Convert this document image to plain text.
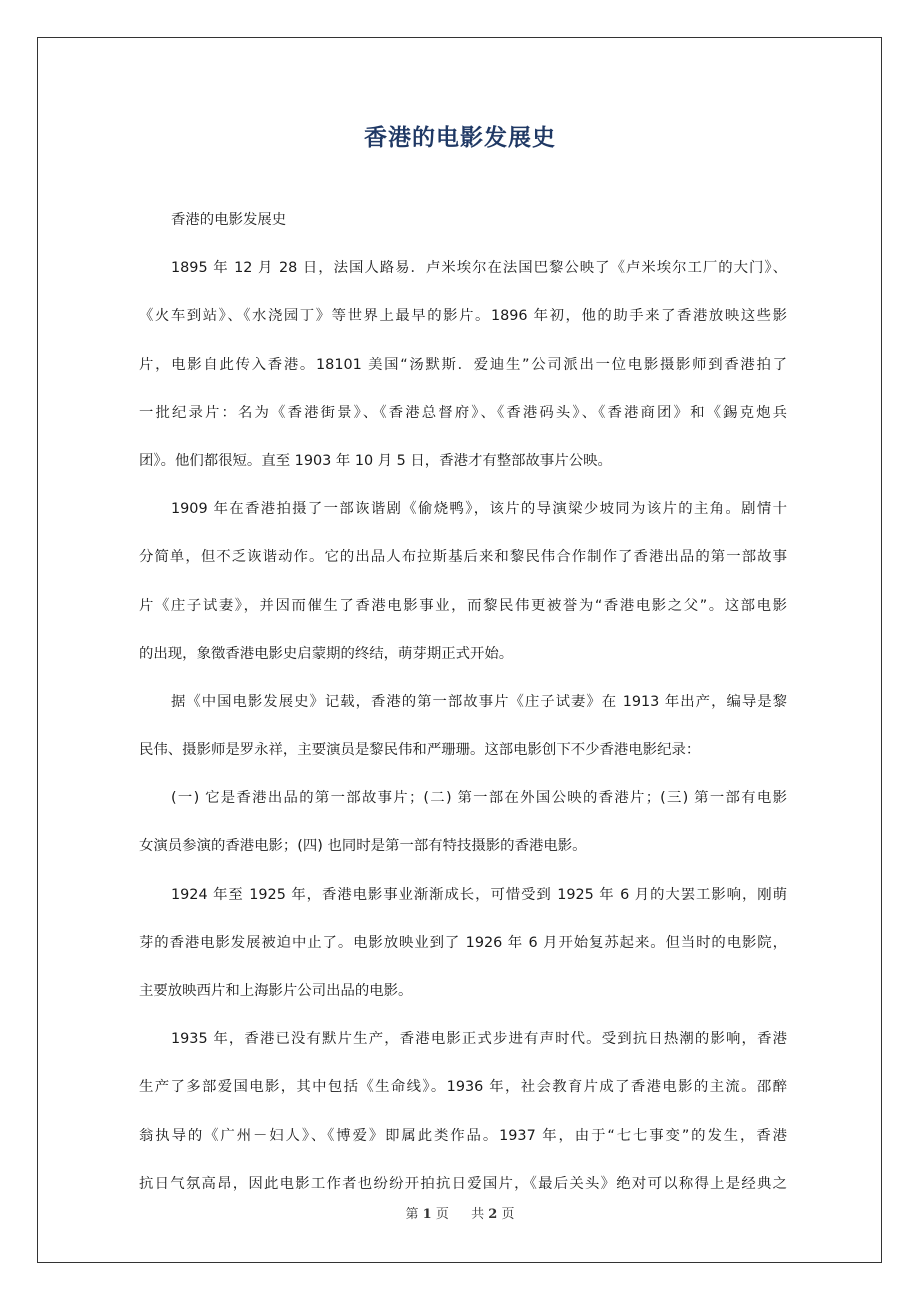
香港的电影发展史
香港的电影发展史
1895 年 12 月 28 日，法国人路易．卢米埃尔在法国巴黎公映了《卢米埃尔工厂的大门》、
《火车到站》、《水浇园丁》等世界上最早的影片。1896 年初，他的助手来了香港放映这些影
片，电影自此传入香港。18101 美国“汤默斯．爱迪生”公司派出一位电影摄影师到香港拍了
一批纪录片：名为《香港街景》、《香港总督府》、《香港码头》、《香港商团》和《錫克炮兵
团》。他们都很短。直至 1903 年 10 月 5 日，香港才有整部故事片公映。
1909 年在香港拍摄了一部诙谐剧《偷烧鸭》，该片的导演梁少坡同为该片的主角。剧情十
分简单，但不乏诙谐动作。它的出品人布拉斯基后来和黎民伟合作制作了香港出品的第一部故事
片《庄子试妻》，并因而催生了香港电影事业，而黎民伟更被誉为“香港电影之父”。这部电影
的出现，象徵香港电影史启蒙期的终结，萌芽期正式开始。
据《中国电影发展史》记载，香港的第一部故事片《庄子试妻》在 1913 年出产，编导是黎
民伟、摄影师是罗永祥，主要演员是黎民伟和严珊珊。这部电影创下不少香港电影纪录：
(一) 它是香港出品的第一部故事片；(二) 第一部在外国公映的香港片；(三) 第一部有电影
女演员参演的香港电影；(四) 也同时是第一部有特技摄影的香港电影。
1924 年至 1925 年，香港电影事业渐渐成长，可惜受到 1925 年 6 月的大罢工影响，刚萌
芽的香港电影发展被迫中止了。电影放映业到了 1926 年 6 月开始复苏起来。但当时的电影院，
主要放映西片和上海影片公司出品的电影。
1935 年，香港已没有默片生产，香港电影正式步进有声时代。受到抗日热潮的影响，香港
生产了多部爱国电影，其中包括《生命线》。1936 年，社会教育片成了香港电影的主流。邵醉
翁执导的《广州－妇人》、《博爱》即属此类作品。1937 年，由于“七七事变”的发生，香港
抗日气氛高昂，因此电影工作者也纷纷开拍抗日爱国片，《最后关头》绝对可以称得上是经典之
第 1 页 共 2 页
